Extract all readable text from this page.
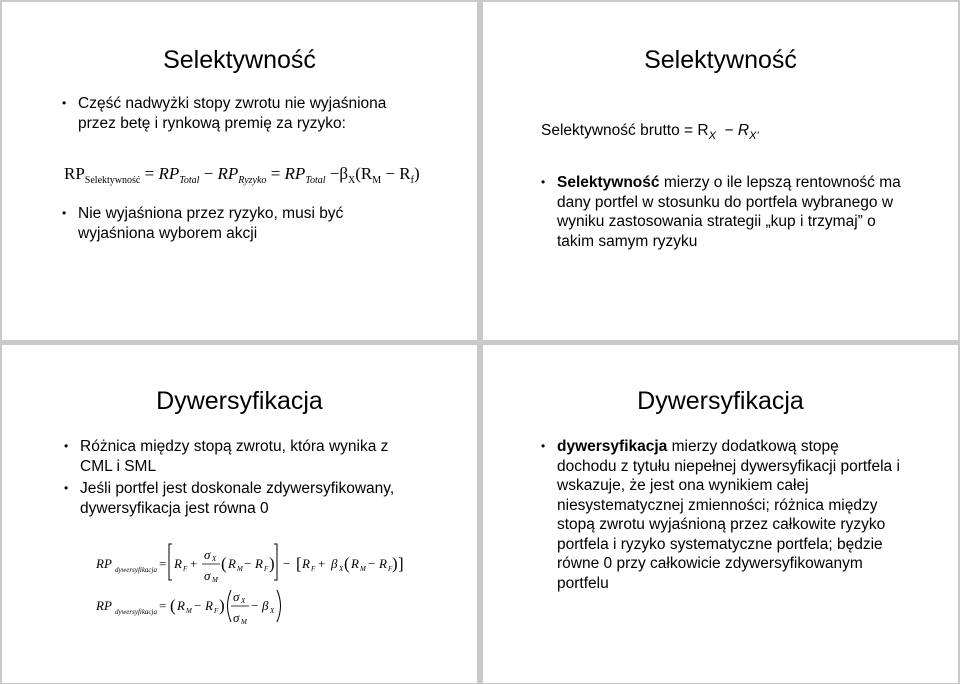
Selektywność
• Część nadwyżki stopy zwrotu nie wyjaśniona przez betę i rynkową premię za ryzyko:
$RP_{Selektywność} = RP_{Total} - RP_{Ryzyko} = RP_{Total} -\beta_X(R_M - R_f)$
• Nie wyjaśniona przez ryzyko, musi być wyjaśniona wyborem akcji
Selektywność
Selektywność brutto = $R_X - R_{X'}$
• Selektywność mierzy o ile lepszą rentowność ma dany portfel w stosunku do portfela wybranego w wyniku zastosowania strategii „kup i trzymaj” o takim samym ryzyku
Dywersyfikacja
• Różnica między stopą zwrotu, która wynika z CML i SML
• Jeśli portfel jest doskonale zdywersyfikowany, dywersyfikacja jest równa 0
RP dywersyfikacja = R F +
σ X
σ M
( R M − R F ) − [ R F + β X ( R M − R F ) ]
RP dywersyfikacja = ( R M − R F ) σ X
σ M
− β X
Dywersyfikacja
• dywersyfikacja mierzy dodatkową stopę dochodu z tytułu niepełnej dywersyfikacji portfela i wskazuje, że jest ona wynikiem całej niesystematycznej zmienności; różnica między stopą zwrotu wyjaśnioną przez całkowite ryzyko portfela i ryzyko systematyczne portfela; będzie równe 0 przy całkowicie zdywersyfikowanym portfelu
